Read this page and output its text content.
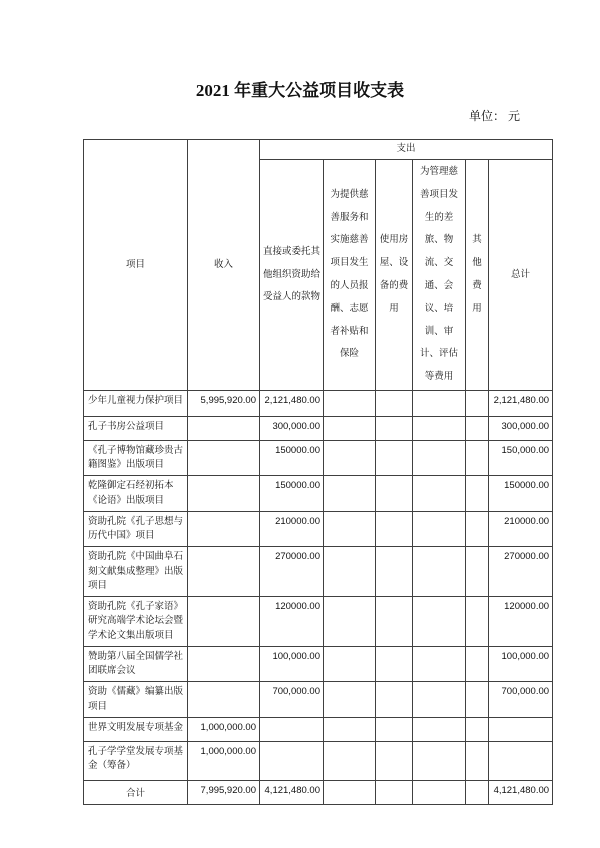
2021 年重大公益项目收支表
单位： 元
项目	收入	支出					
		直接或委托其他组织资助给受益人的款物	为提供慈善服务和实施慈善项目发生的人员报酬、志愿者补贴和保险	使用房屋、设备的费用	为管理慈善项目发生的差旅、物流、交通、会议、培训、审计、评估等费用	其他费用	总计
少年儿童视力保护项目	5,995,920.00	2,121,480.00					2,121,480.00
孔子书房公益项目		300,000.00					300,000.00
《孔子博物馆藏珍贵古籍图鉴》出版项目		150000.00					150,000.00
乾隆御定石经初拓本《论语》出版项目		150000.00					150000.00
资助孔院《孔子思想与历代中国》项目		210000.00					210000.00
资助孔院《中国曲阜石刻文献集成整理》出版项目		270000.00					270000.00
资助孔院《孔子家语》研究高端学术论坛会暨学术论文集出版项目		120000.00					120000.00
赞助第八届全国儒学社团联席会议		100,000.00					100,000.00
资助《儒藏》编纂出版项目		700,000.00					700,000.00
世界文明发展专项基金	1,000,000.00						
孔子学学堂发展专项基金（筹备）	1,000,000.00						
合计	7,995,920.00	4,121,480.00					4,121,480.00
